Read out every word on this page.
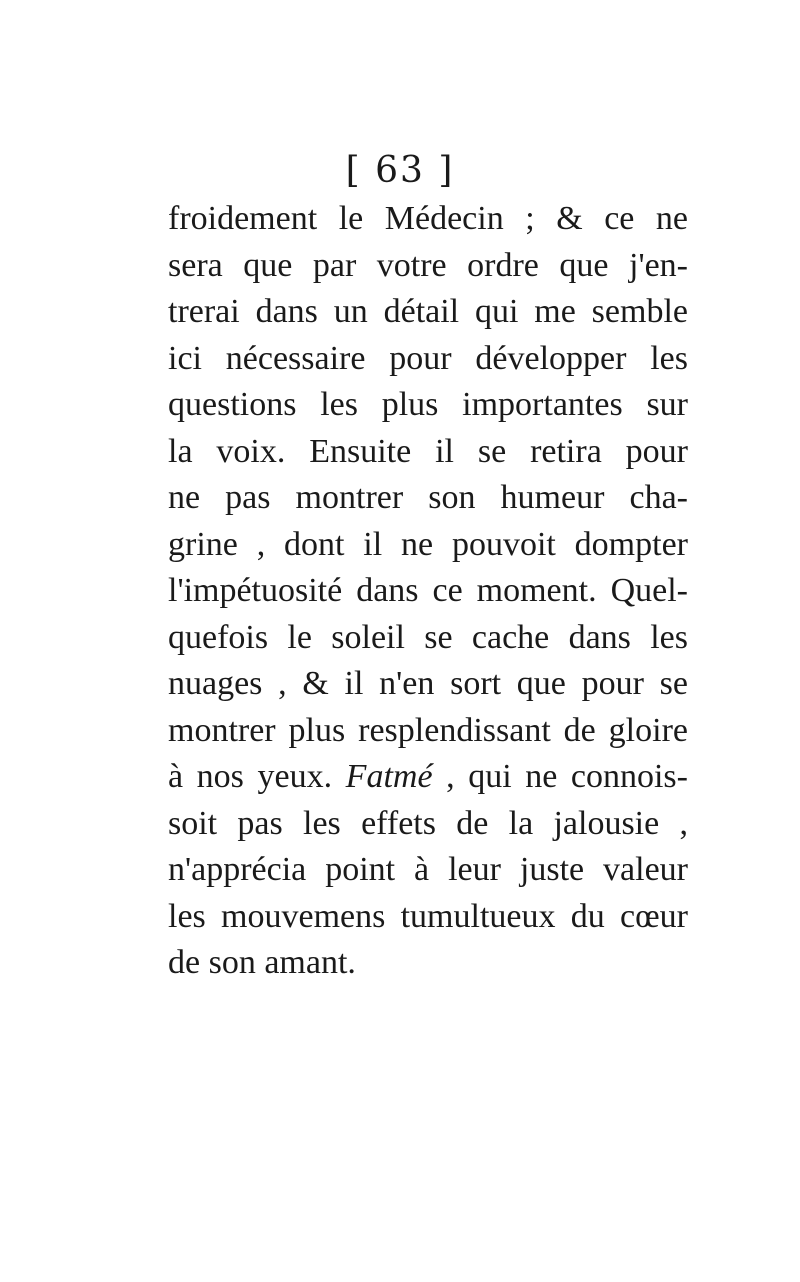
[ 63 ]
froidement le Médecin ; & ce ne
sera que par votre ordre que j'en-
trerai dans un détail qui me semble
ici nécessaire pour développer les
questions les plus importantes sur
la voix. Ensuite il se retira pour
ne pas montrer son humeur cha-
grine , dont il ne pouvoit dompter
l'impétuosité dans ce moment. Quel-
quefois le soleil se cache dans les
nuages , & il n'en sort que pour se
montrer plus resplendissant de gloire
à nos yeux. Fatmé , qui ne connois-
soit pas les effets de la jalousie ,
n'apprécia point à leur juste valeur
les mouvemens tumultueux du cœur
de son amant.
